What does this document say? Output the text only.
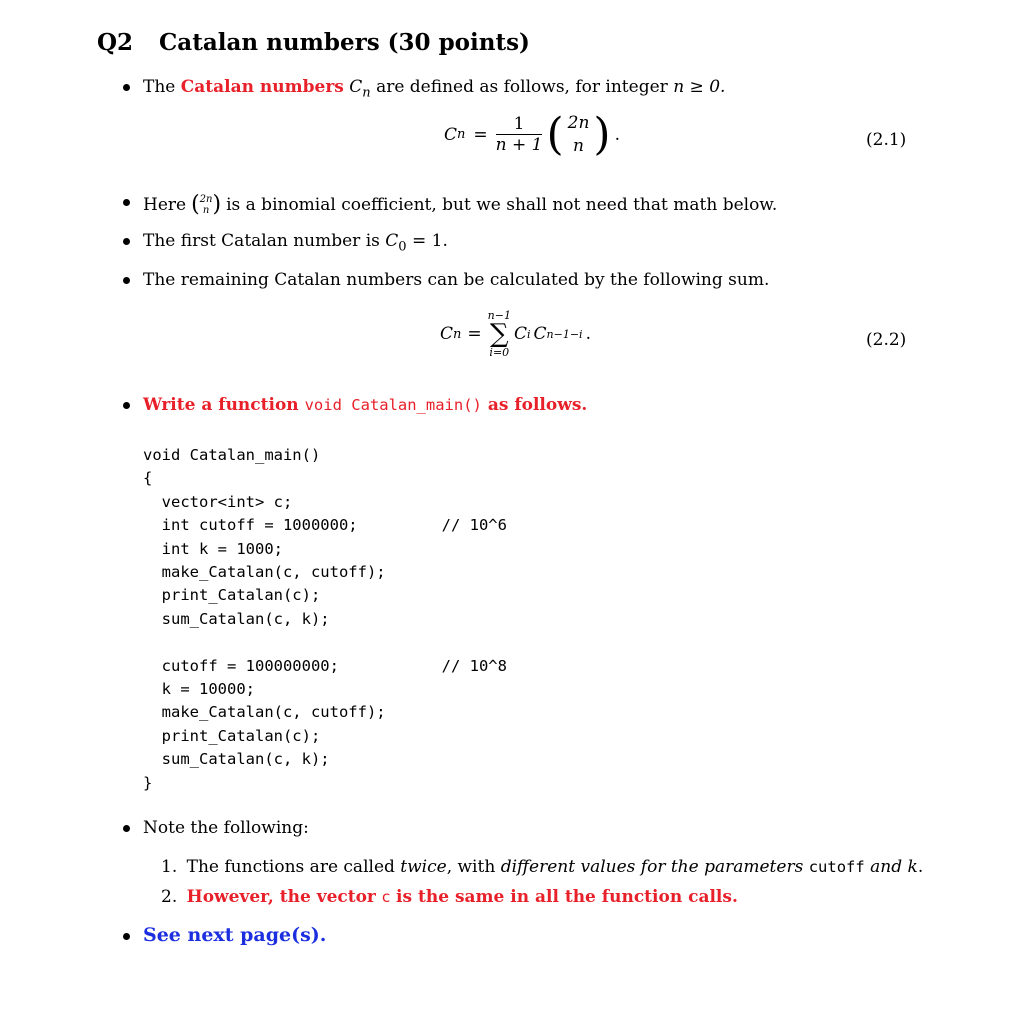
Q2 Catalan numbers (30 points)
The Catalan numbers $C_n$ are defined as follows, for integer n ≥ 0.
C $n = \frac{1}{n + 1}$ ( 2n
n ) .	(2.1)
Here ( 2n
n ) is a binomial coefficient, but we shall not need that math below.
The first Catalan number is $C_0 = 1$.
The remaining Catalan numbers can be calculated by the following sum.
C n =
n−1
∑
i=0
C i C n−1−i .	(2.2)
Write a function void Catalan_main() as follows.
void Catalan_main()
{
vector<int> c;
int cutoff = 1000000;         // 10^6
int k = 1000;
make_Catalan(c, cutoff);
print_Catalan(c);
sum_Catalan(c, k);
cutoff = 100000000;           // 10^8
k = 10000;
make_Catalan(c, cutoff);
print_Catalan(c);
sum_Catalan(c, k);
}
Note the following:
1. The functions are called twice, with different values for the parameters cutoff and k.
2. However, the vector c is the same in all the function calls.
See next page(s).
